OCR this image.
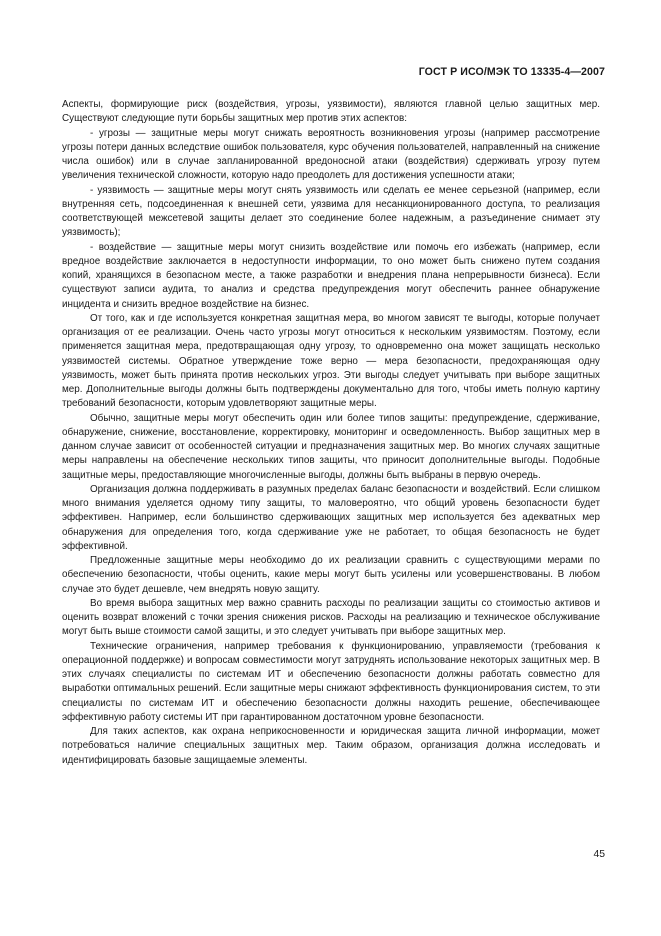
ГОСТ Р ИСО/МЭК ТО 13335-4—2007

Аспекты, формирующие риск (воздействия, угрозы, уязвимости), являются главной целью защитных мер. Существуют следующие пути борьбы защитных мер против этих аспектов:

- угрозы — защитные меры могут снижать вероятность возникновения угрозы (например рассмотрение угрозы потери данных вследствие ошибок пользователя, курс обучения пользователей, направленный на снижение числа ошибок) или в случае запланированной вредоносной атаки (воздействия) сдерживать угрозу путем увеличения технической сложности, которую надо преодолеть для достижения успешности атаки;

- уязвимость — защитные меры могут снять уязвимость или сделать ее менее серьезной (например, если внутренняя сеть, подсоединенная к внешней сети, уязвима для несанкционированного доступа, то реализация соответствующей межсетевой защиты делает это соединение более надежным, а разъединение снимает эту уязвимость);

- воздействие — защитные меры могут снизить воздействие или помочь его избежать (например, если вредное воздействие заключается в недоступности информации, то оно может быть снижено путем создания копий, хранящихся в безопасном месте, а также разработки и внедрения плана непрерывности бизнеса). Если существуют записи аудита, то анализ и средства предупреждения могут обеспечить раннее обнаружение инцидента и снизить вредное воздействие на бизнес.

От того, как и где используется конкретная защитная мера, во многом зависят те выгоды, которые получает организация от ее реализации. Очень часто угрозы могут относиться к нескольким уязвимостям. Поэтому, если применяется защитная мера, предотвращающая одну угрозу, то одновременно она может защищать несколько уязвимостей системы. Обратное утверждение тоже верно — мера безопасности, предохраняющая одну уязвимость, может быть принята против нескольких угроз. Эти выгоды следует учитывать при выборе защитных мер. Дополнительные выгоды должны быть подтверждены документально для того, чтобы иметь полную картину требований безопасности, которым удовлетворяют защитные меры.

Обычно, защитные меры могут обеспечить один или более типов защиты: предупреждение, сдерживание, обнаружение, снижение, восстановление, корректировку, мониторинг и осведомленность. Выбор защитных мер в данном случае зависит от особенностей ситуации и предназначения защитных мер. Во многих случаях защитные меры направлены на обеспечение нескольких типов защиты, что приносит дополнительные выгоды. Подобные защитные меры, предоставляющие многочисленные выгоды, должны быть выбраны в первую очередь.

Организация должна поддерживать в разумных пределах баланс безопасности и воздействий. Если слишком много внимания уделяется одному типу защиты, то маловероятно, что общий уровень безопасности будет эффективен. Например, если большинство сдерживающих защитных мер используется без адекватных мер обнаружения для определения того, когда сдерживание уже не работает, то общая безопасность не будет эффективной.

Предложенные защитные меры необходимо до их реализации сравнить с существующими мерами по обеспечению безопасности, чтобы оценить, какие меры могут быть усилены или усовершенствованы. В любом случае это будет дешевле, чем внедрять новую защиту.

Во время выбора защитных мер важно сравнить расходы по реализации защиты со стоимостью активов и оценить возврат вложений с точки зрения снижения рисков. Расходы на реализацию и техническое обслуживание могут быть выше стоимости самой защиты, и это следует учитывать при выборе защитных мер.

Технические ограничения, например требования к функционированию, управляемости (требования к операционной поддержке) и вопросам совместимости могут затруднять использование некоторых защитных мер. В этих случаях специалисты по системам ИТ и обеспечению безопасности должны работать совместно для выработки оптимальных решений. Если защитные меры снижают эффективность функционирования систем, то эти специалисты по системам ИТ и обеспечению безопасности должны находить решение, обеспечивающее эффективную работу системы ИТ при гарантированном достаточном уровне безопасности.

Для таких аспектов, как охрана неприкосновенности и юридическая защита личной информации, может потребоваться наличие специальных защитных мер. Таким образом, организация должна исследовать и идентифицировать базовые защищаемые элементы.

45
